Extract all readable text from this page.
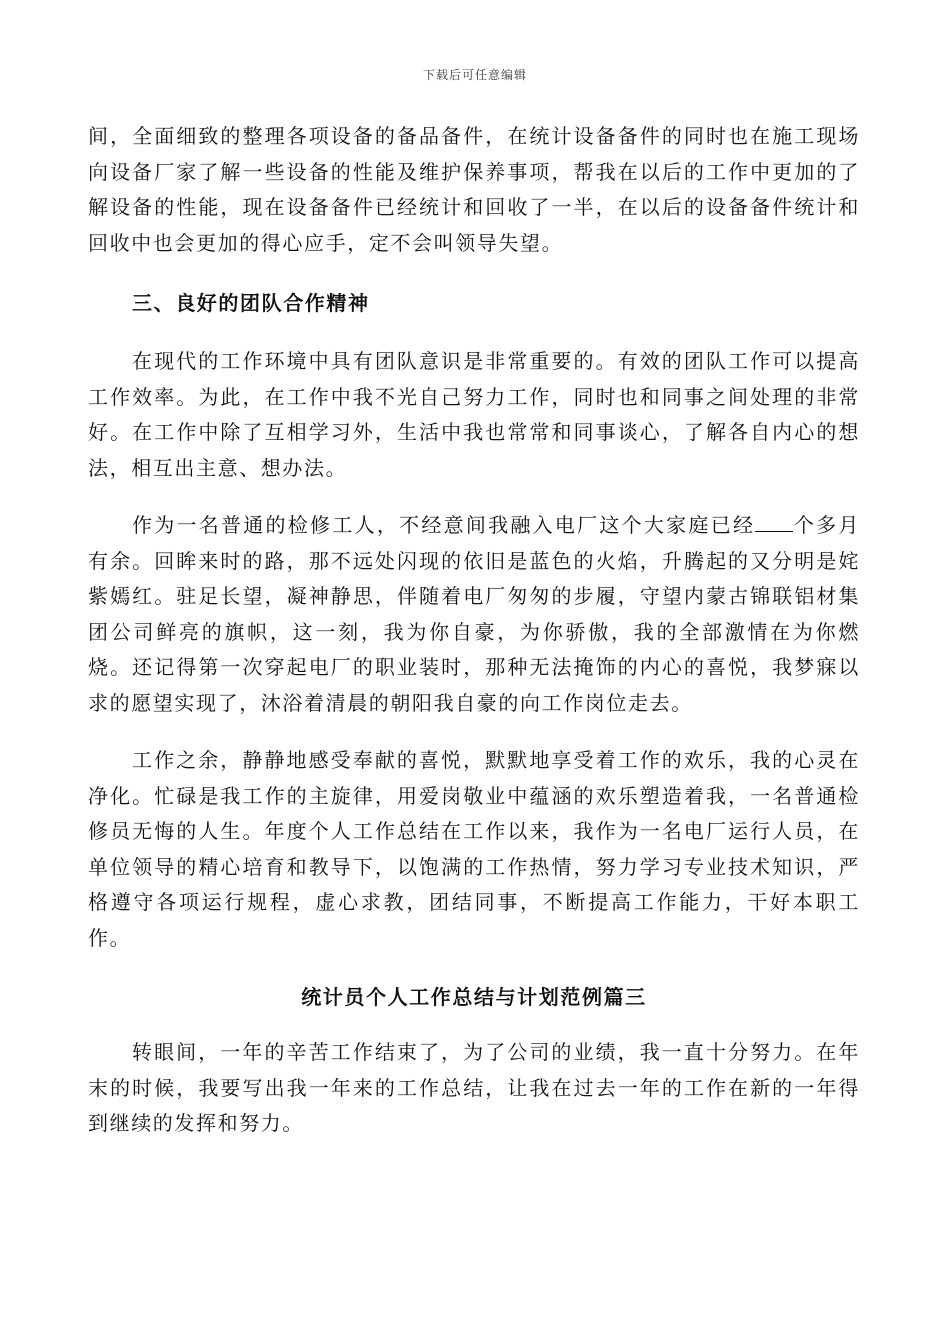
下载后可任意编辑

间，全面细致的整理各项设备的备品备件，在统计设备备件的同时也在施工现场向设备厂家了解一些设备的性能及维护保养事项，帮我在以后的工作中更加的了解设备的性能，现在设备备件已经统计和回收了一半，在以后的设备备件统计和回收中也会更加的得心应手，定不会叫领导失望。

三、良好的团队合作精神

在现代的工作环境中具有团队意识是非常重要的。有效的团队工作可以提高工作效率。为此，在工作中我不光自己努力工作，同时也和同事之间处理的非常好。在工作中除了互相学习外，生活中我也常常和同事谈心，了解各自内心的想法，相互出主意、想办法。

作为一名普通的检修工人，不经意间我融入电厂这个大家庭已经 个多月有余。回眸来时的路，那不远处闪现的依旧是蓝色的火焰，升腾起的又分明是姹紫嫣红。驻足长望，凝神静思，伴随着电厂匆匆的步履，守望内蒙古锦联铝材集团公司鲜亮的旗帜，这一刻，我为你自豪，为你骄傲，我的全部激情在为你燃烧。还记得第一次穿起电厂的职业装时，那种无法掩饰的内心的喜悦，我梦寐以求的愿望实现了，沐浴着清晨的朝阳我自豪的向工作岗位走去。

工作之余，静静地感受奉献的喜悦，默默地享受着工作的欢乐，我的心灵在净化。忙碌是我工作的主旋律，用爱岗敬业中蕴涵的欢乐塑造着我，一名普通检修员无悔的人生。年度个人工作总结在工作以来，我作为一名电厂运行人员，在单位领导的精心培育和教导下，以饱满的工作热情，努力学习专业技术知识，严格遵守各项运行规程，虚心求教，团结同事，不断提高工作能力，干好本职工作。

统计员个人工作总结与计划范例篇三

转眼间，一年的辛苦工作结束了，为了公司的业绩，我一直十分努力。在年末的时候，我要写出我一年来的工作总结，让我在过去一年的工作在新的一年得到继续的发挥和努力。
